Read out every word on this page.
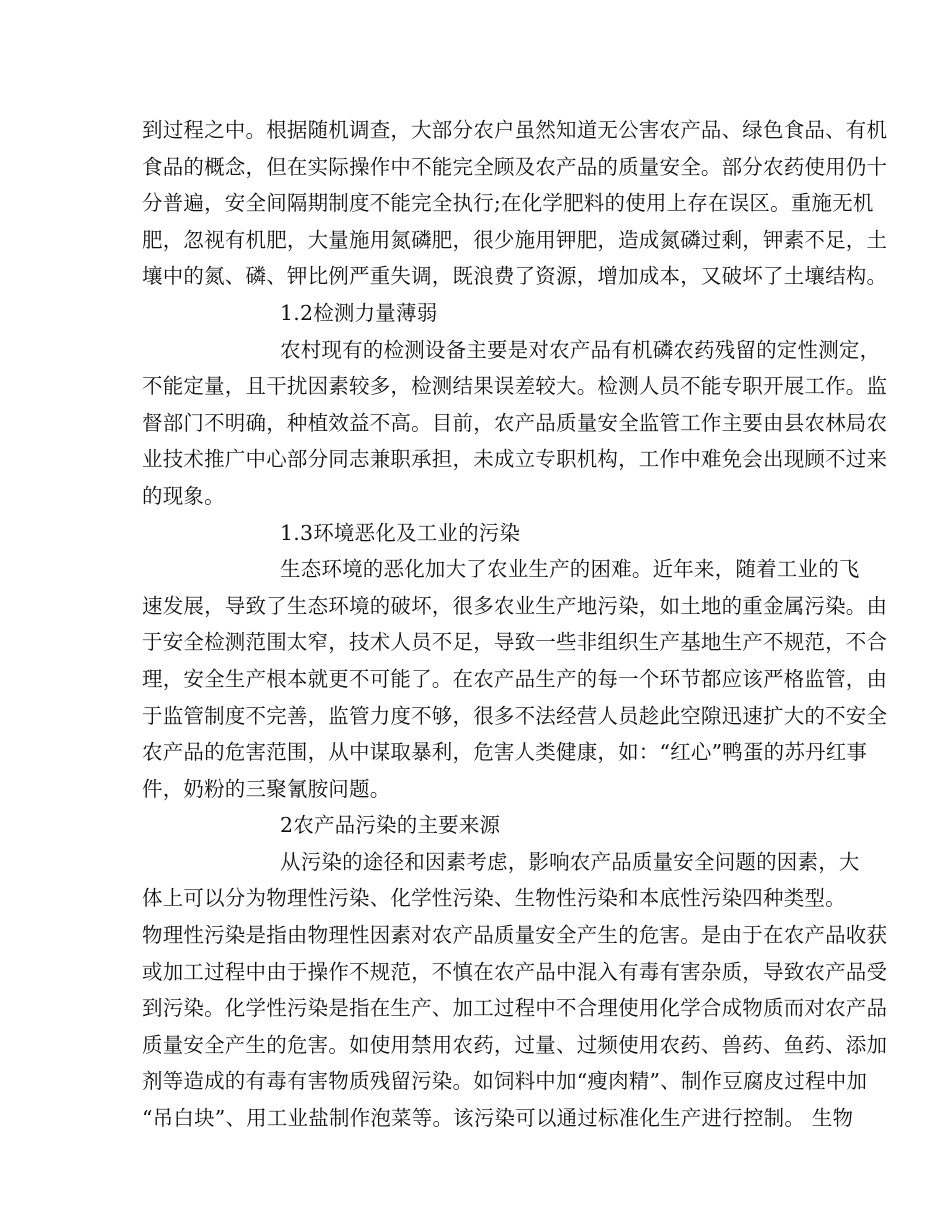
到过程之中。根据随机调查，大部分农户虽然知道无公害农产品、绿色食品、有机
食品的概念，但在实际操作中不能完全顾及农产品的质量安全。部分农药使用仍十
分普遍，安全间隔期制度不能完全执行;在化学肥料的使用上存在误区。重施无机
肥，忽视有机肥，大量施用氮磷肥，很少施用钾肥，造成氮磷过剩，钾素不足，土
壤中的氮、磷、钾比例严重失调，既浪费了资源，增加成本，又破坏了土壤结构。
1.2检测力量薄弱
农村现有的检测设备主要是对农产品有机磷农药残留的定性测定，
不能定量，且干扰因素较多，检测结果误差较大。检测人员不能专职开展工作。监
督部门不明确，种植效益不高。目前，农产品质量安全监管工作主要由县农林局农
业技术推广中心部分同志兼职承担，未成立专职机构，工作中难免会出现顾不过来
的现象。
1.3环境恶化及工业的污染
生态环境的恶化加大了农业生产的困难。近年来，随着工业的飞
速发展，导致了生态环境的破坏，很多农业生产地污染，如土地的重金属污染。由
于安全检测范围太窄，技术人员不足，导致一些非组织生产基地生产不规范，不合
理，安全生产根本就更不可能了。在农产品生产的每一个环节都应该严格监管，由
于监管制度不完善，监管力度不够，很多不法经营人员趁此空隙迅速扩大的不安全
农产品的危害范围，从中谋取暴利，危害人类健康，如：“红心”鸭蛋的苏丹红事
件，奶粉的三聚氰胺问题。
2农产品污染的主要来源
从污染的途径和因素考虑，影响农产品质量安全问题的因素，大
体上可以分为物理性污染、化学性污染、生物性污染和本底性污染四种类型。
物理性污染是指由物理性因素对农产品质量安全产生的危害。是由于在农产品收获
或加工过程中由于操作不规范，不慎在农产品中混入有毒有害杂质，导致农产品受
到污染。化学性污染是指在生产、加工过程中不合理使用化学合成物质而对农产品
质量安全产生的危害。如使用禁用农药，过量、过频使用农药、兽药、鱼药、添加
剂等造成的有毒有害物质残留污染。如饲料中加“瘦肉精”、制作豆腐皮过程中加
“吊白块”、用工业盐制作泡菜等。该污染可以通过标准化生产进行控制。 生物
